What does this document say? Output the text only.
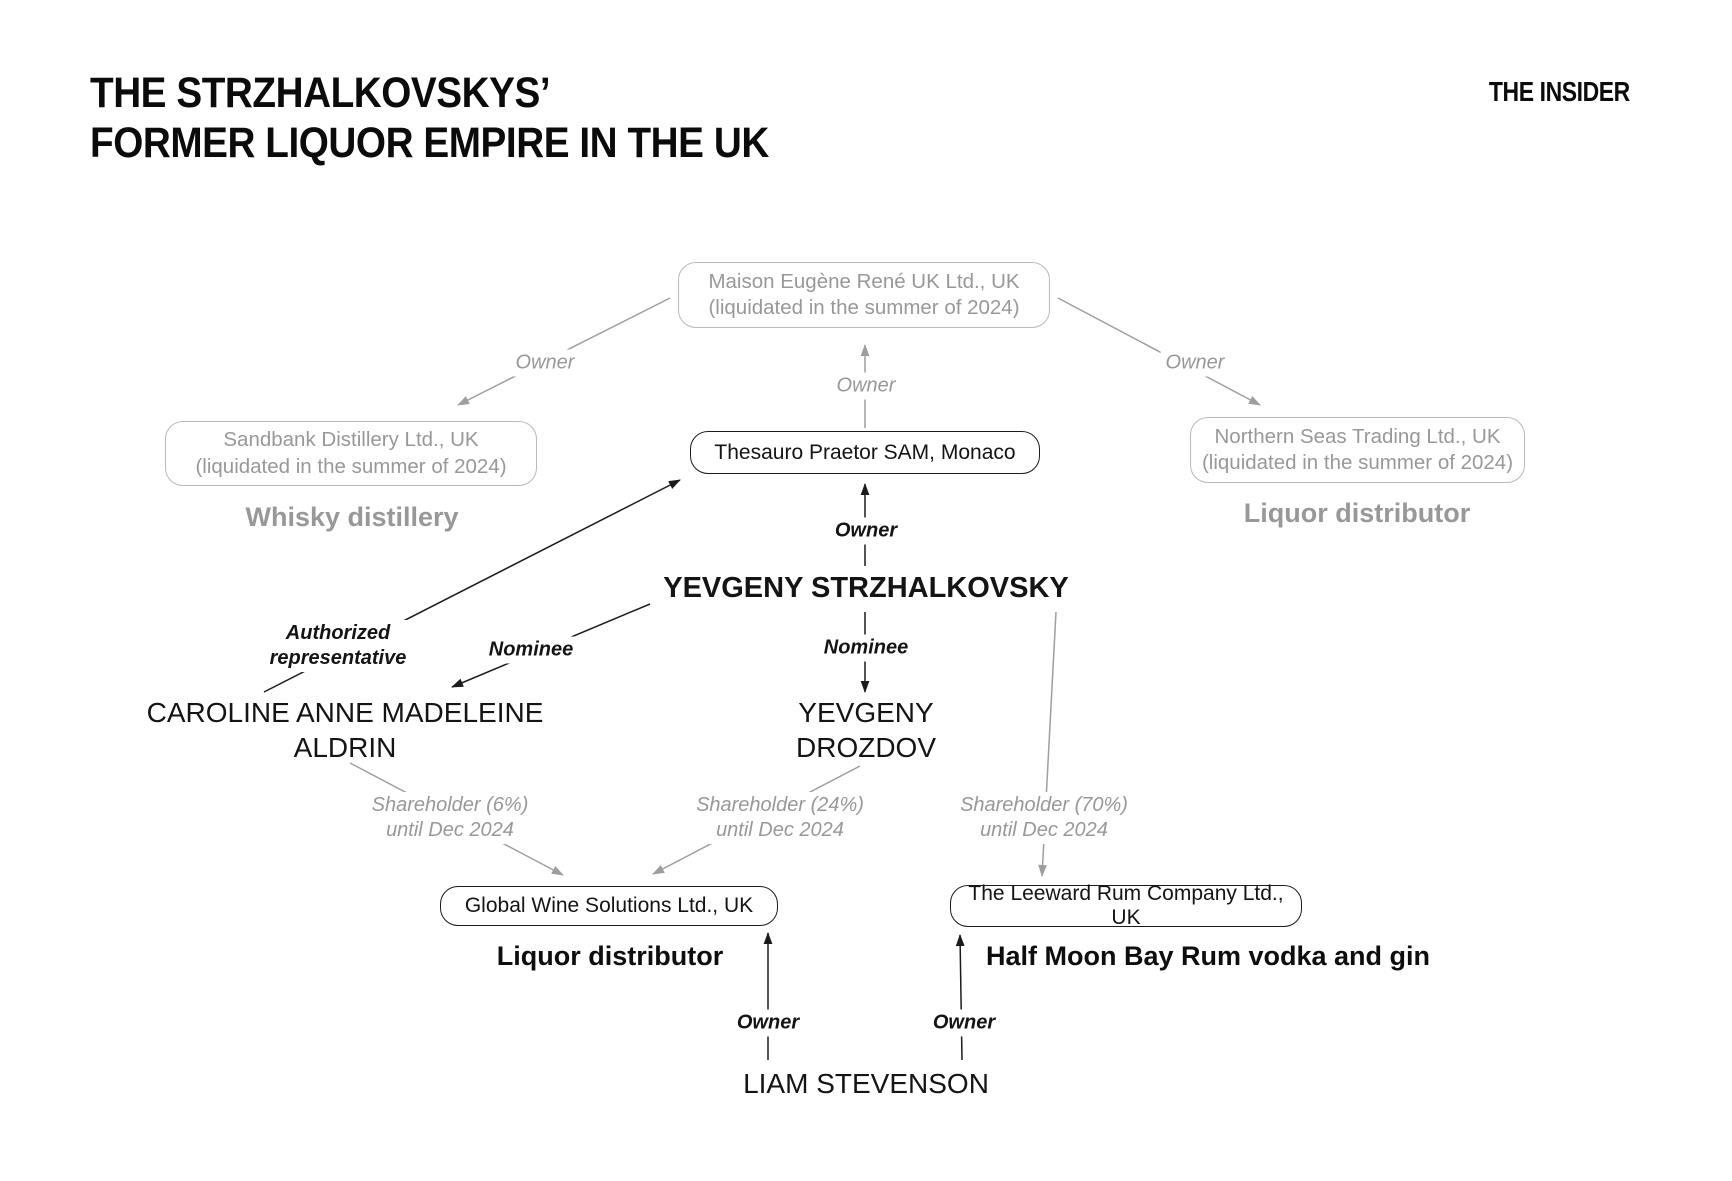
THE STRZHALKOVSKYS’
FORMER LIQUOR EMPIRE IN THE UK
THE INSIDER
Owner
Owner
Owner
Owner
Nominee
Nominee
Authorized
representative
Shareholder (6%)
until Dec 2024
Shareholder (24%)
until Dec 2024
Shareholder (70%)
until Dec 2024
Owner	Owner
Maison Eugène René UK Ltd., UK
(liquidated in the summer of 2024)
Sandbank Distillery Ltd., UK
(liquidated in the summer of 2024)
Whisky distillery
Thesauro Praetor SAM, Monaco
Northern Seas Trading Ltd., UK
(liquidated in the summer of 2024)
Liquor distributor
YEVGENY STRZHALKOVSKY
CAROLINE ANNE MADELEINE
ALDRIN
YEVGENY
DROZDOV
Global Wine Solutions Ltd., UK
Liquor distributor
The Leeward Rum Company Ltd., UK
Half Moon Bay Rum vodka and gin
LIAM STEVENSON
